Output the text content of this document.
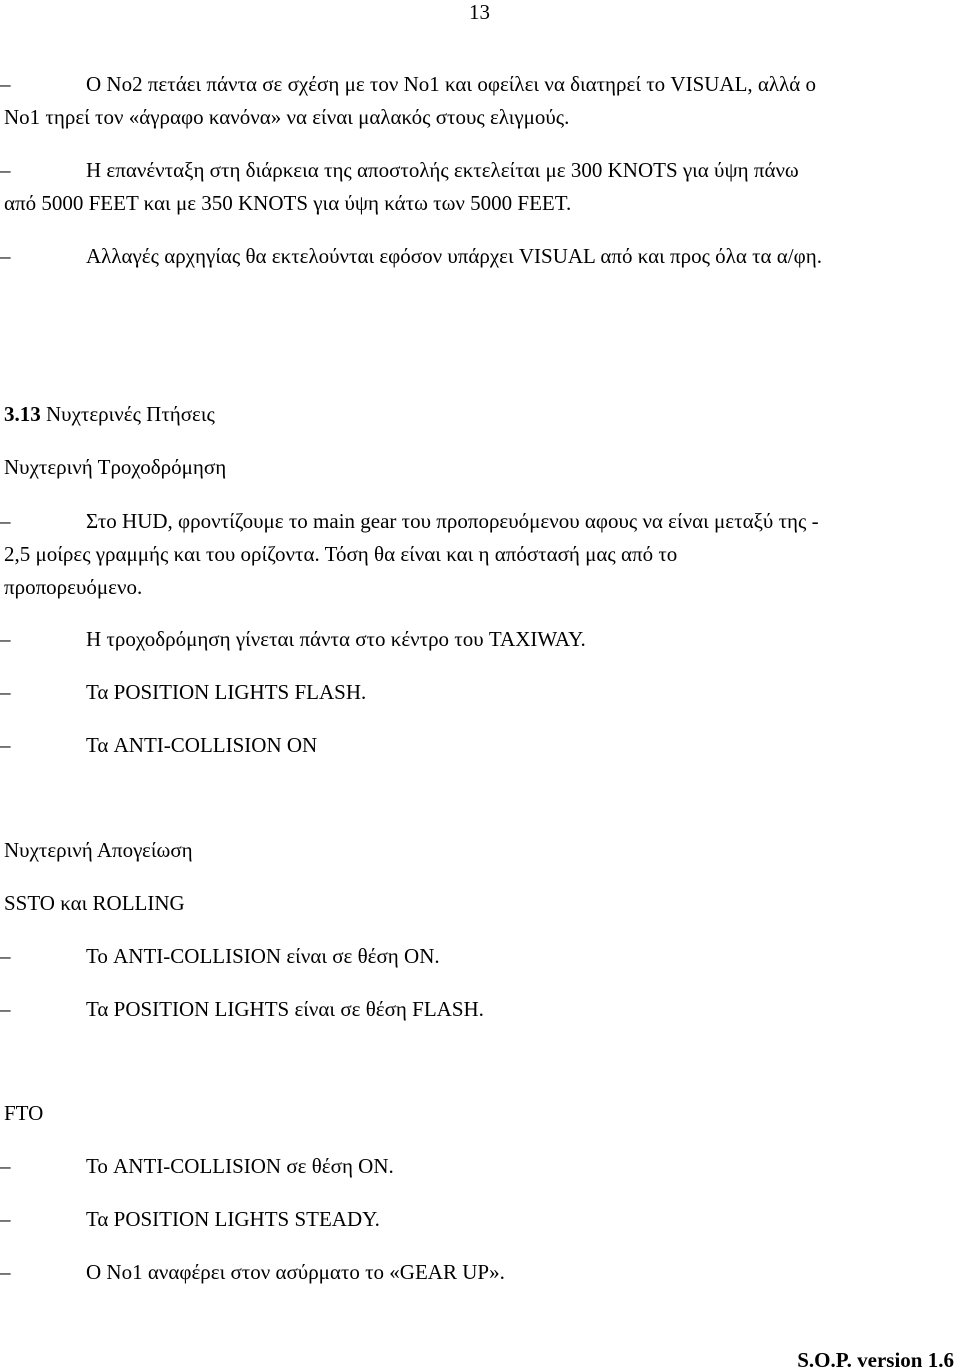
13
–	Ο No2 πετάει πάντα σε σχέση με τον No1 και οφείλει να διατηρεί το VISUAL, αλλά ο
No1 τηρεί τον «άγραφο κανόνα» να είναι μαλακός στους ελιγμούς.
–	Η επανένταξη στη διάρκεια της αποστολής εκτελείται με 300 KNOTS για ύψη πάνω
από 5000 FEET και με 350 KNOTS για ύψη κάτω των 5000 FEET.
–	Αλλαγές αρχηγίας θα εκτελούνται εφόσον υπάρχει VISUAL από και προς όλα τα α/φη.
3.13 Νυχτερινές Πτήσεις
Νυχτερινή Τροχοδρόμηση
–	Στο HUD, φροντίζουμε το main gear του προπορευόμενου αφους να είναι μεταξύ της -
2,5 μοίρες γραμμής και του ορίζοντα. Τόση θα είναι και η απόστασή μας από το
προπορευόμενο.
–	Η τροχοδρόμηση γίνεται πάντα στο κέντρο του TAXIWAY.
–	Τα POSITION LIGHTS FLASH.
–	Τα ANTI-COLLISION ON
Νυχτερινή Απογείωση
SSTO και ROLLING
–	Το ANTI-COLLISION είναι σε θέση ON.
–	Τα POSITION LIGHTS είναι σε θέση FLASH.
FTO
–	Το ANTI-COLLISION σε θέση ON.
–	Τα POSITION LIGHTS STEADY.
–	O No1 αναφέρει στον ασύρματο το «GEAR UP».
S.O.P. version 1.6
